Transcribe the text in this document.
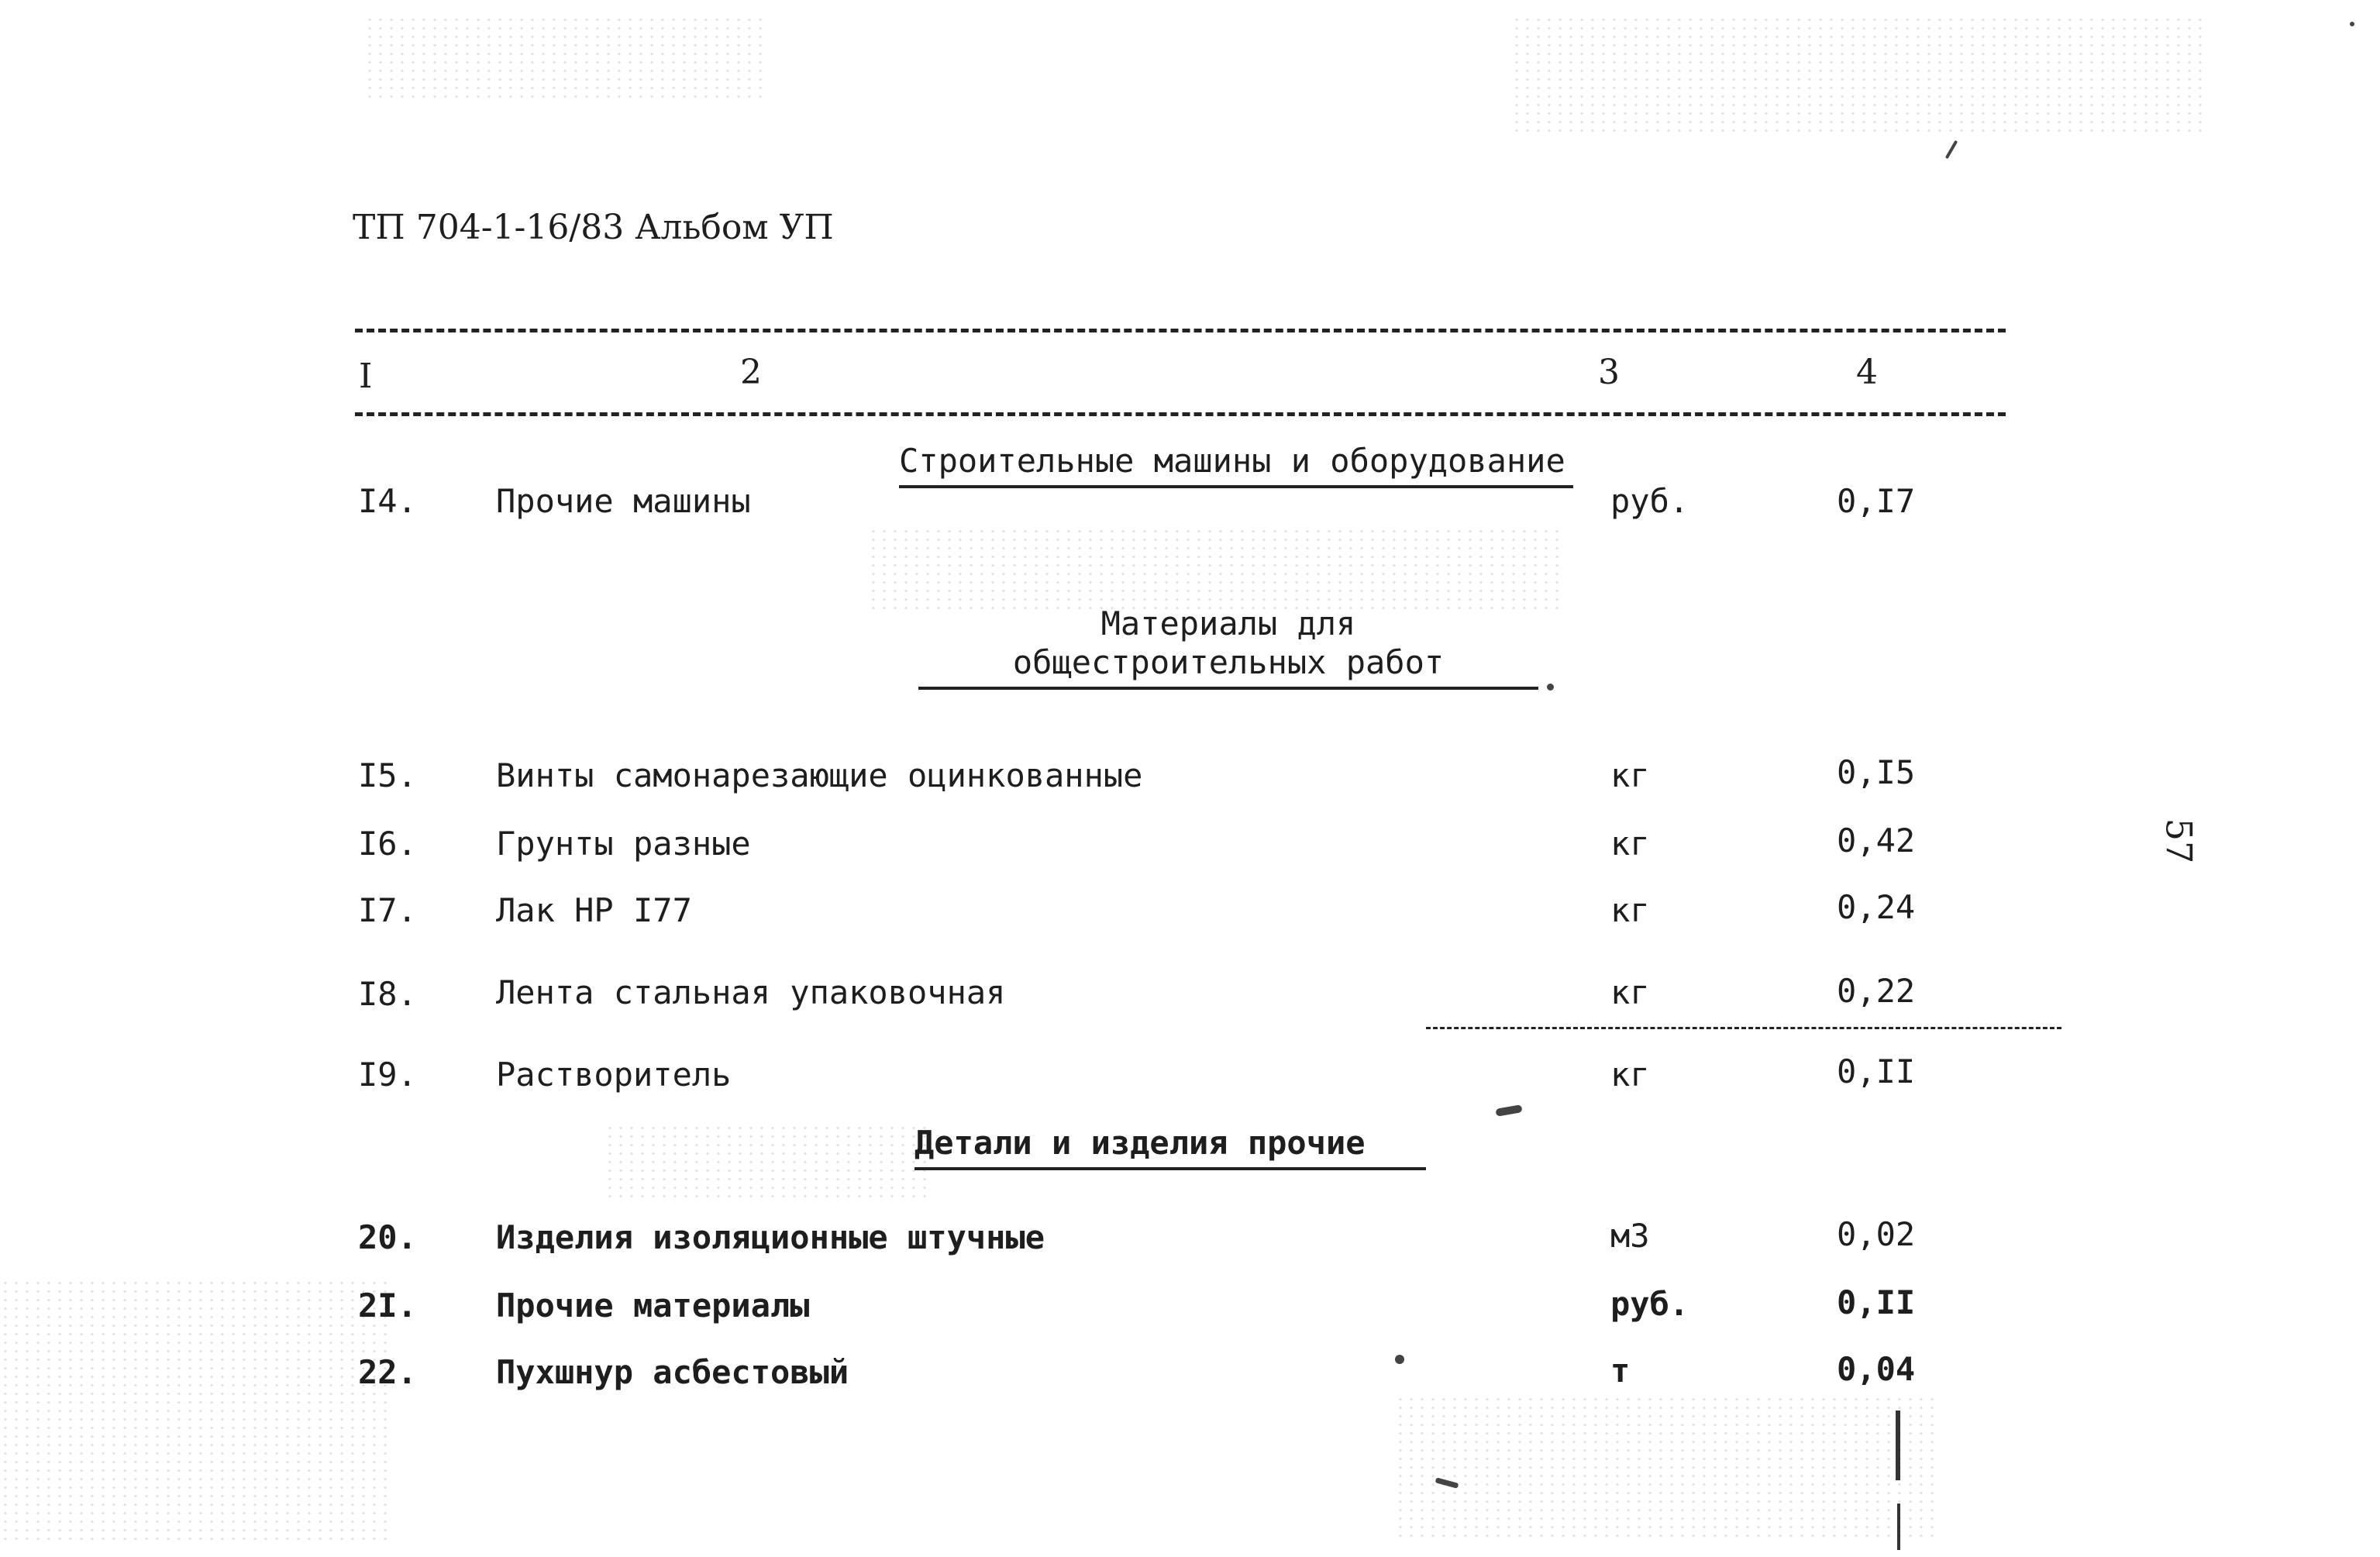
ТП 704-1-16/83 Альбом УП
I	2	3	4
Строительные машины и оборудование
I4. Прочие машины	руб.	0,I7
Материалы для общестроительных работ
I5. Винты самонарезающие оцинкованные	кг	0,I5
I6. Грунты разные	кг	0,42
I7. Лак НР I77	кг	0,24
I8. Лента стальная упаковочная	кг	0,22
I9. Растворитель	кг	0,II
Детали и изделия прочие
20. Изделия изоляционные штучные	м3	0,02
2I. Прочие материалы	руб.	0,II
22. Пухшнур асбестовый	т	0,04
57
